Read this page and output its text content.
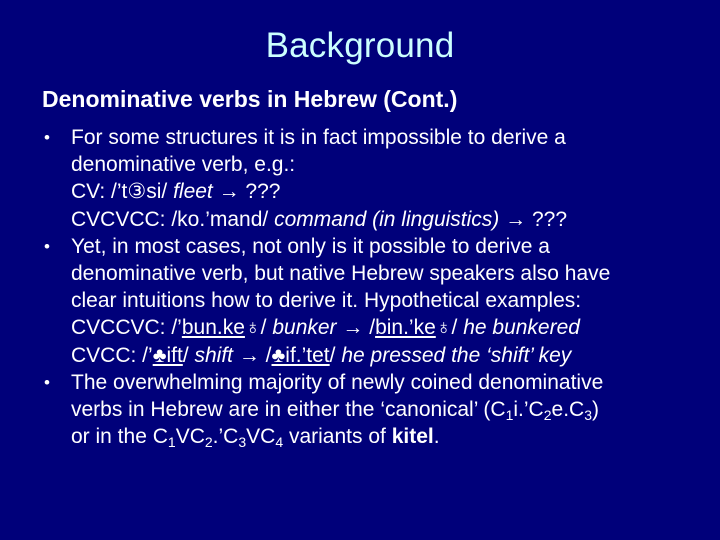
Background
Denominative verbs in Hebrew (Cont.)
• For some structures it is in fact impossible to derive a
denominative verb, e.g.:
CV: /’t③si/ fleet → ???
CVCVCC: /ko.’mand/ command (in linguistics) → ???
• Yet, in most cases, not only is it possible to derive a
denominative verb, but native Hebrew speakers also have
clear intuitions how to derive it. Hypothetical examples:
CVCCVC: /’bun.ke♁/ bunker → /bin.’ke♁/ he bunkered
CVCC: /’♣ift/ shift → /♣if.’tet/ he pressed the ‘shift’ key
• The overwhelming majority of newly coined denominative
verbs in Hebrew are in either the ‘canonical’ $(C_1i.’C_2e.C_3)$
or in the $C_1VC_2.’C_3VC_4$ variants of kitel.
